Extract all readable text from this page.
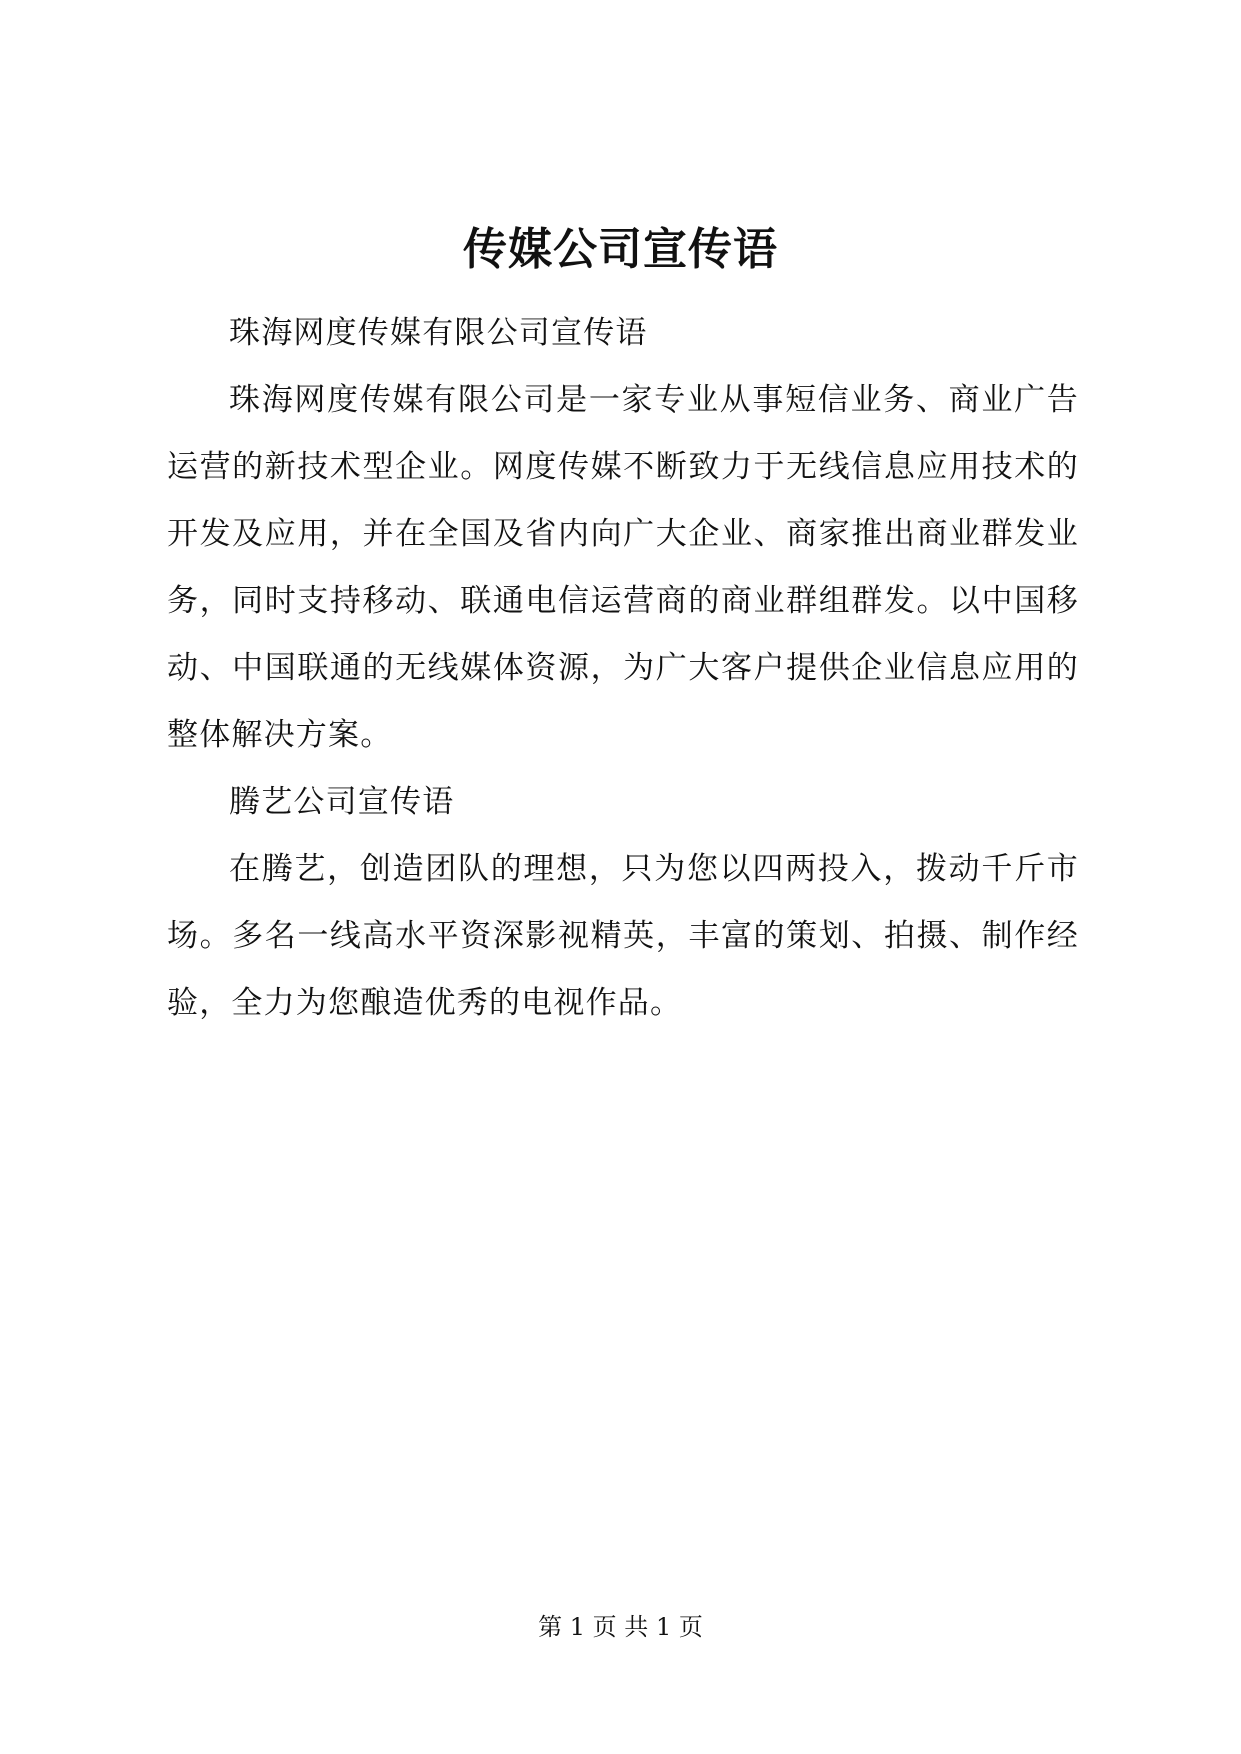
传媒公司宣传语

珠海网度传媒有限公司宣传语

珠海网度传媒有限公司是一家专业从事短信业务、商业广告运营的新技术型企业。网度传媒不断致力于无线信息应用技术的开发及应用，并在全国及省内向广大企业、商家推出商业群发业务，同时支持移动、联通电信运营商的商业群组群发。以中国移动、中国联通的无线媒体资源，为广大客户提供企业信息应用的整体解决方案。

腾艺公司宣传语

在腾艺，创造团队的理想，只为您以四两投入，拨动千斤市场。多名一线高水平资深影视精英，丰富的策划、拍摄、制作经验，全力为您酿造优秀的电视作品。

第 1 页 共 1 页
